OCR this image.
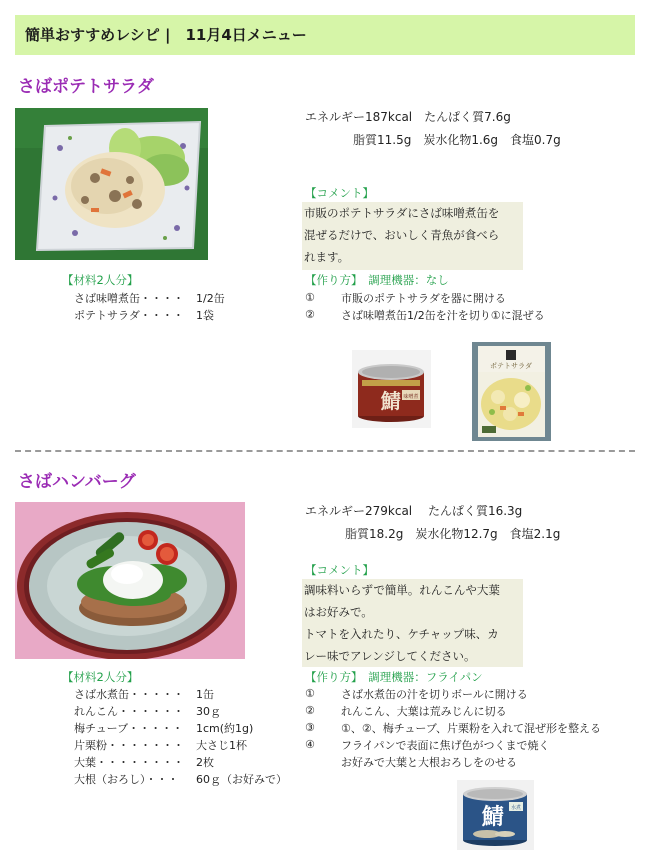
簡単おすすめレシピ |　11月4日メニュー
さばポテトサラダ
エネルギー187kcal　たんぱく質7.6g
脂質11.5g　炭水化物1.6g　食塩0.7g
【コメント】
市販のポテトサラダにさば味噌煮缶を
混ぜるだけで、おいしく青魚が食べら
れます。
【材料2人分】
さば味噌煮缶・・・・	1/2缶
ポテトサラダ・・・・	1袋
【作り方】　調理機器：なし
①	市販のポテトサラダを器に開ける
②	さば味噌煮缶1/2缶を汁を切り①に混ぜる
鯖 味噌煮
ポテトサラダ
さばハンバーグ
エネルギー279kcal　 たんぱく質16.3g
脂質18.2g　炭水化物12.7g　食塩2.1g
【コメント】
調味料いらずで簡単。れんこんや大葉
はお好みで。
トマトを入れたり、ケチャップ味、カ
レー味でアレンジしてください。
【材料2人分】
さば水煮缶・・・・・	1缶
れんこん・・・・・・	30ｇ
梅チューブ・・・・・	1cm(約1g)
片栗粉・・・・・・・	大さじ1杯
大葉・・・・・・・・	2枚
大根（おろし）・・・	60ｇ（お好みで）
【作り方】　調理機器：フライパン
①	さば水煮缶の汁を切りボールに開ける
②	れんこん、大葉は荒みじんに切る
③	①、②、梅チューブ、片栗粉を入れて混ぜ形を整える
④	フライパンで表面に焦げ色がつくまで焼く
お好みで大葉と大根おろしをのせる
鯖 水煮
